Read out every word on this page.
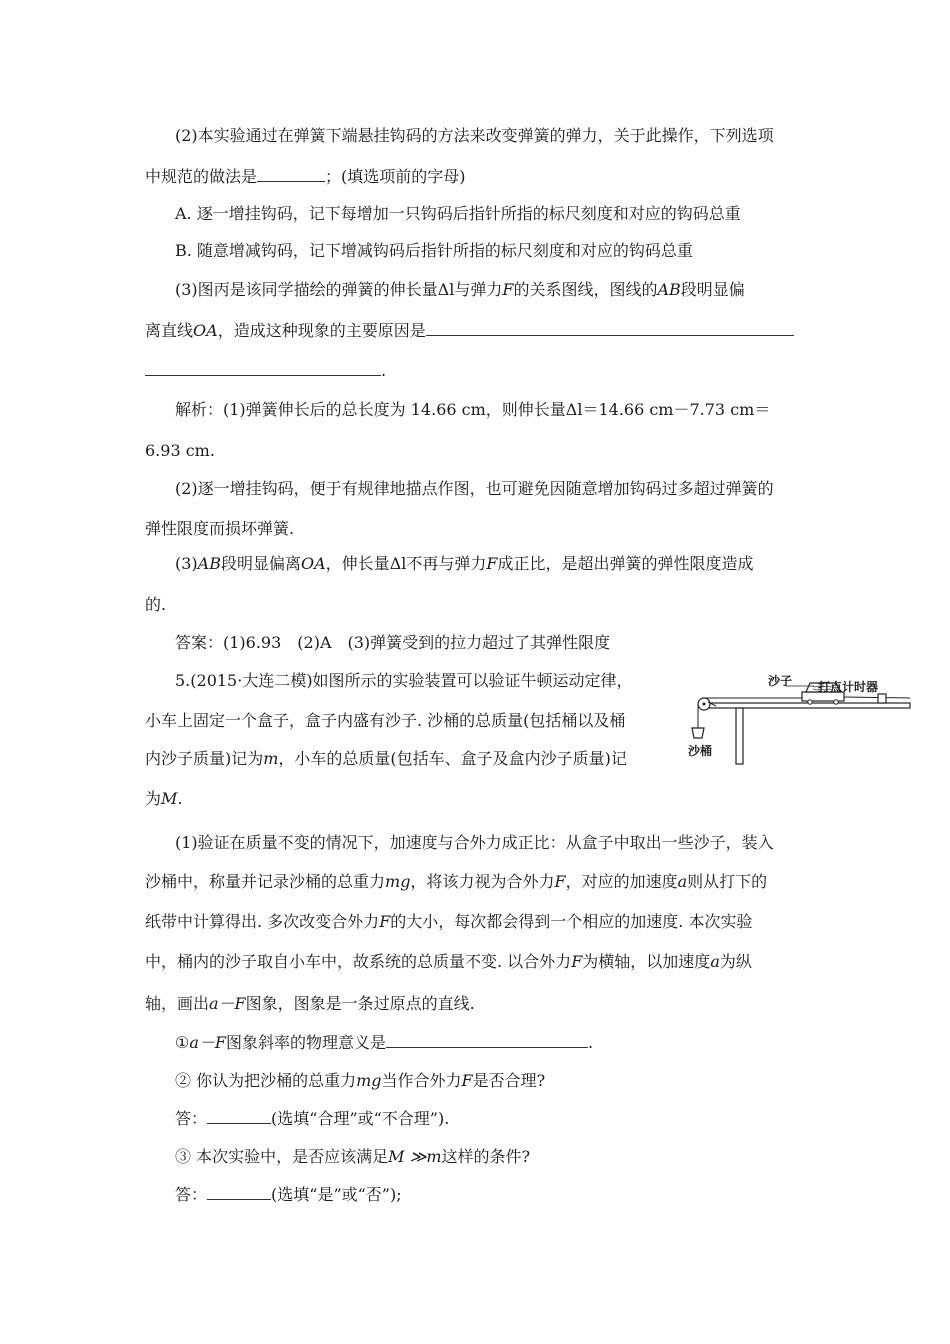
(2)本实验通过在弹簧下端悬挂钩码的方法来改变弹簧的弹力，关于此操作，下列选项
中规范的做法是	；(填选项前的字母)
A. 逐一增挂钩码，记下每增加一只钩码后指针所指的标尺刻度和对应的钩码总重
B. 随意增减钩码，记下增减钩码后指针所指的标尺刻度和对应的钩码总重
(3)图丙是该同学描绘的弹簧的伸长量Δl与弹力F的关系图线，图线的AB段明显偏
离直线OA，造成这种现象的主要原因是
.
解析：(1)弹簧伸长后的总长度为 14.66 cm，则伸长量Δl＝14.66 cm－7.73 cm＝
6.93 cm.
(2)逐一增挂钩码，便于有规律地描点作图，也可避免因随意增加钩码过多超过弹簧的
弹性限度而损坏弹簧.
(3)AB段明显偏离OA，伸长量Δl不再与弹力F成正比，是超出弹簧的弹性限度造成
的.
答案：(1)6.93　(2)A　(3)弹簧受到的拉力超过了其弹性限度
5.(2015·大连二模)如图所示的实验装置可以验证牛顿运动定律，
小车上固定一个盒子，盒子内盛有沙子. 沙桶的总质量(包括桶以及桶
内沙子质量)记为m，小车的总质量(包括车、盒子及盒内沙子质量)记
为M.
沙子 打点计时器
沙桶
(1)验证在质量不变的情况下，加速度与合外力成正比：从盒子中取出一些沙子，装入
沙桶中，称量并记录沙桶的总重力mg，将该力视为合外力F，对应的加速度a则从打下的
纸带中计算得出. 多次改变合外力F的大小，每次都会得到一个相应的加速度. 本次实验
中，桶内的沙子取自小车中，故系统的总质量不变. 以合外力F为横轴，以加速度a为纵
轴，画出a－F图象，图象是一条过原点的直线.
①a－F图象斜率的物理意义是	.
② 你认为把沙桶的总重力mg当作合外力F是否合理?
答：	(选填“合理”或“不合理”).
③ 本次实验中，是否应该满足M ≫m这样的条件?
答：	(选填“是”或“否”);
